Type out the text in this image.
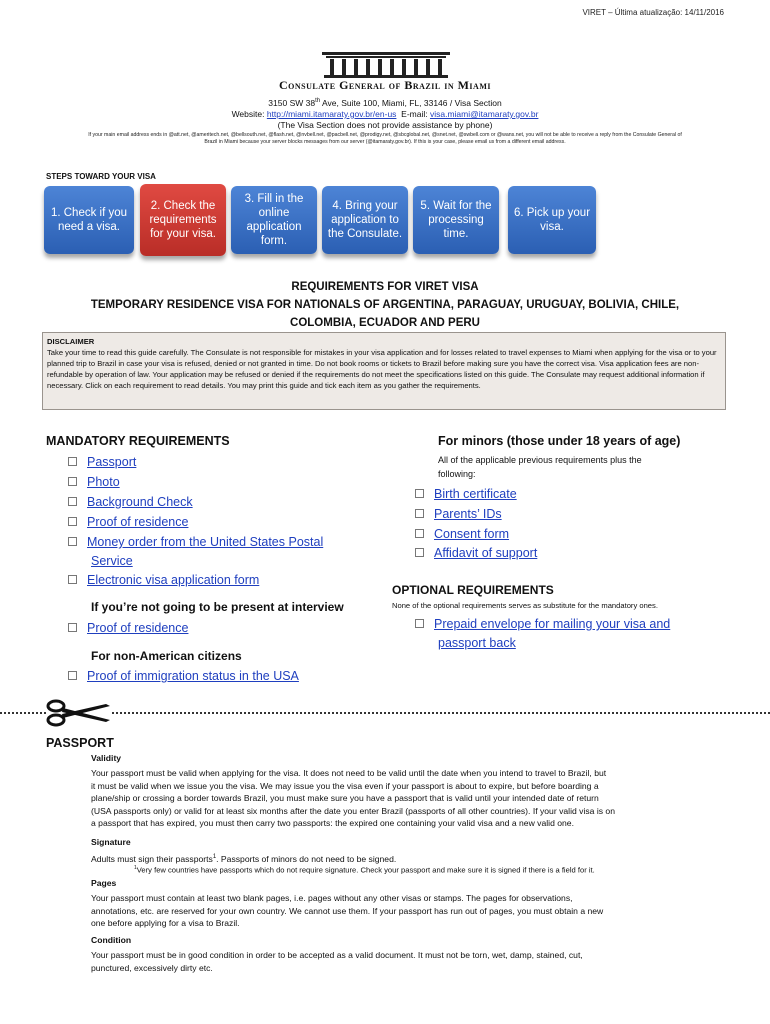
VIRET – Última atualização: 14/11/2016
Consulate General of Brazil in Miami
3150 SW 38th Ave, Suite 100, Miami, FL, 33146 / Visa Section
Website: http://miami.itamaraty.gov.br/en-us  E-mail: visa.miami@itamaraty.gov.br
(The Visa Section does not provide assistance by phone)
If your main email address ends in @att.net, @ameritech.net, @bellsouth.net, @flash.net, @nvbell.net, @pacbell.net, @prodigy.net, @sbcglobal.net, @snet.net, @swbell.com or @wans.net, you will not be able to receive a reply from the Consulate General of
Brazil in Miami because your server blocks messages from our server (@itamaraty.gov.br). If this is your case, please email us from a different email address.
STEPS TOWARD YOUR VISA
1. Check if you need a visa.
2. Check the requirements for your visa.
3. Fill in the online application form.
4. Bring your application to the Consulate.
5. Wait for the processing time.
6. Pick up your visa.
REQUIREMENTS FOR VIRET VISA
TEMPORARY RESIDENCE VISA FOR NATIONALS OF ARGENTINA, PARAGUAY, URUGUAY, BOLIVIA, CHILE,
COLOMBIA, ECUADOR AND PERU
DISCLAIMER
Take your time to read this guide carefully. The Consulate is not responsible for mistakes in your visa application and for losses related to travel expenses to Miami when applying for the visa or to your planned trip to Brazil in case your visa is refused, denied or not granted in time. Do not book rooms or tickets to Brazil before making sure you have the correct visa. Visa application fees are non-refundable by operation of law. Your application may be refused or denied if the requirements do not meet the specifications listed on this guide. The Consulate may request additional information if necessary. Click on each requirement to read details. You may print this guide and tick each item as you gather the requirements.
MANDATORY REQUIREMENTS
Passport
Photo
Background Check
Proof of residence
Money order from the United States Postal
Service
Electronic visa application form
If you’re not going to be present at interview
Proof of residence
For non-American citizens
Proof of immigration status in the USA
For minors (those under 18 years of age)
All of the applicable previous requirements plus the
following:
Birth certificate
Parents’ IDs
Consent form
Affidavit of support
OPTIONAL REQUIREMENTS
None of the optional requirements serves as substitute for the mandatory ones.
Prepaid envelope for mailing your visa and
passport back
PASSPORT
Validity
Your passport must be valid when applying for the visa. It does not need to be valid until the date when you intend to travel to Brazil, but
it must be valid when we issue you the visa. We may issue you the visa even if your passport is about to expire, but before boarding a
plane/ship or crossing a border towards Brazil, you must make sure you have a passport that is valid until your intended date of return
(USA passports only) or valid for at least six months after the date you enter Brazil (passports of all other countries). If your valid visa is on
a passport that has expired, you must then carry two passports: the expired one containing your valid visa and a new valid one.
Signature
Adults must sign their passports$^1$. Passports of minors do not need to be signed.
$^1$Very few countries have passports which do not require signature. Check your passport and make sure it is signed if there is a field for it.
Pages
Your passport must contain at least two blank pages, i.e. pages without any other visas or stamps. The pages for observations,
annotations, etc. are reserved for your own country. We cannot use them. If your passport has run out of pages, you must obtain a new
one before applying for a visa to Brazil.
Condition
Your passport must be in good condition in order to be accepted as a valid document. It must not be torn, wet, damp, stained, cut,
punctured, excessively dirty etc.
